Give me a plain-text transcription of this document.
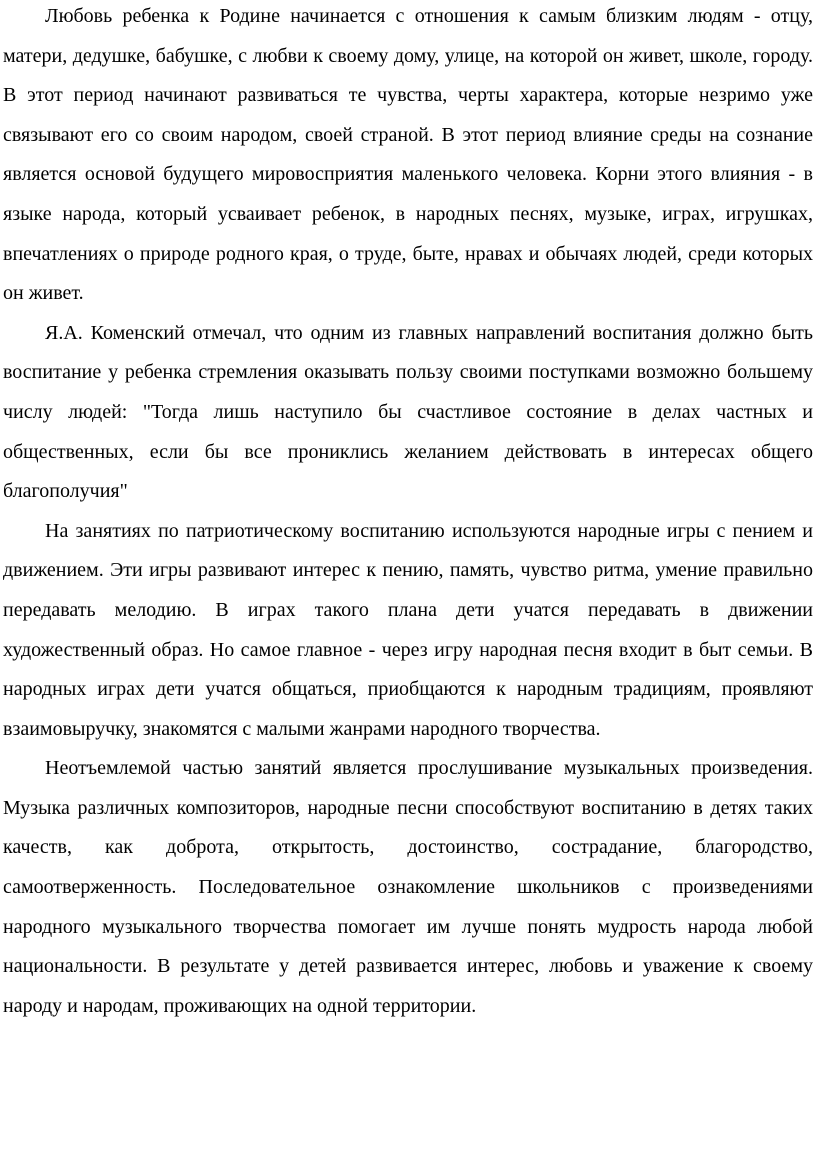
Любовь ребенка к Родине начинается с отношения к самым близким людям - отцу, матери, дедушке, бабушке, с любви к своему дому, улице, на которой он живет, школе, городу. В этот период начинают развиваться те чувства, черты характера, которые незримо уже связывают его со своим народом, своей страной. В этот период влияние среды на сознание является основой будущего мировосприятия маленького человека. Корни этого влияния - в языке народа, который усваивает ребенок, в народных песнях, музыке, играх, игрушках, впечатлениях о природе родного края, о труде, быте, нравах и обычаях людей, среди которых он живет.

Я.А. Коменский отмечал, что одним из главных направлений воспитания должно быть воспитание у ребенка стремления оказывать пользу своими поступками возможно большему числу людей: "Тогда лишь наступило бы счастливое состояние в делах частных и общественных, если бы все прониклись желанием действовать в интересах общего благополучия"

На занятиях по патриотическому воспитанию используются народные игры с пением и движением. Эти игры развивают интерес к пению, память, чувство ритма, умение правильно передавать мелодию. В играх такого плана дети учатся передавать в движении художественный образ. Но самое главное - через игру народная песня входит в быт семьи. В народных играх дети учатся общаться, приобщаются к народным традициям, проявляют взаимовыручку, знакомятся с малыми жанрами народного творчества.

Неотъемлемой частью занятий является прослушивание музыкальных произведения. Музыка различных композиторов, народные песни способствуют воспитанию в детях таких качеств, как доброта, открытость, достоинство, сострадание, благородство, самоотверженность. Последовательное ознакомление школьников с произведениями народного музыкального творчества помогает им лучше понять мудрость народа любой национальности. В результате у детей развивается интерес, любовь и уважение к своему народу и народам, проживающих на одной территории.
